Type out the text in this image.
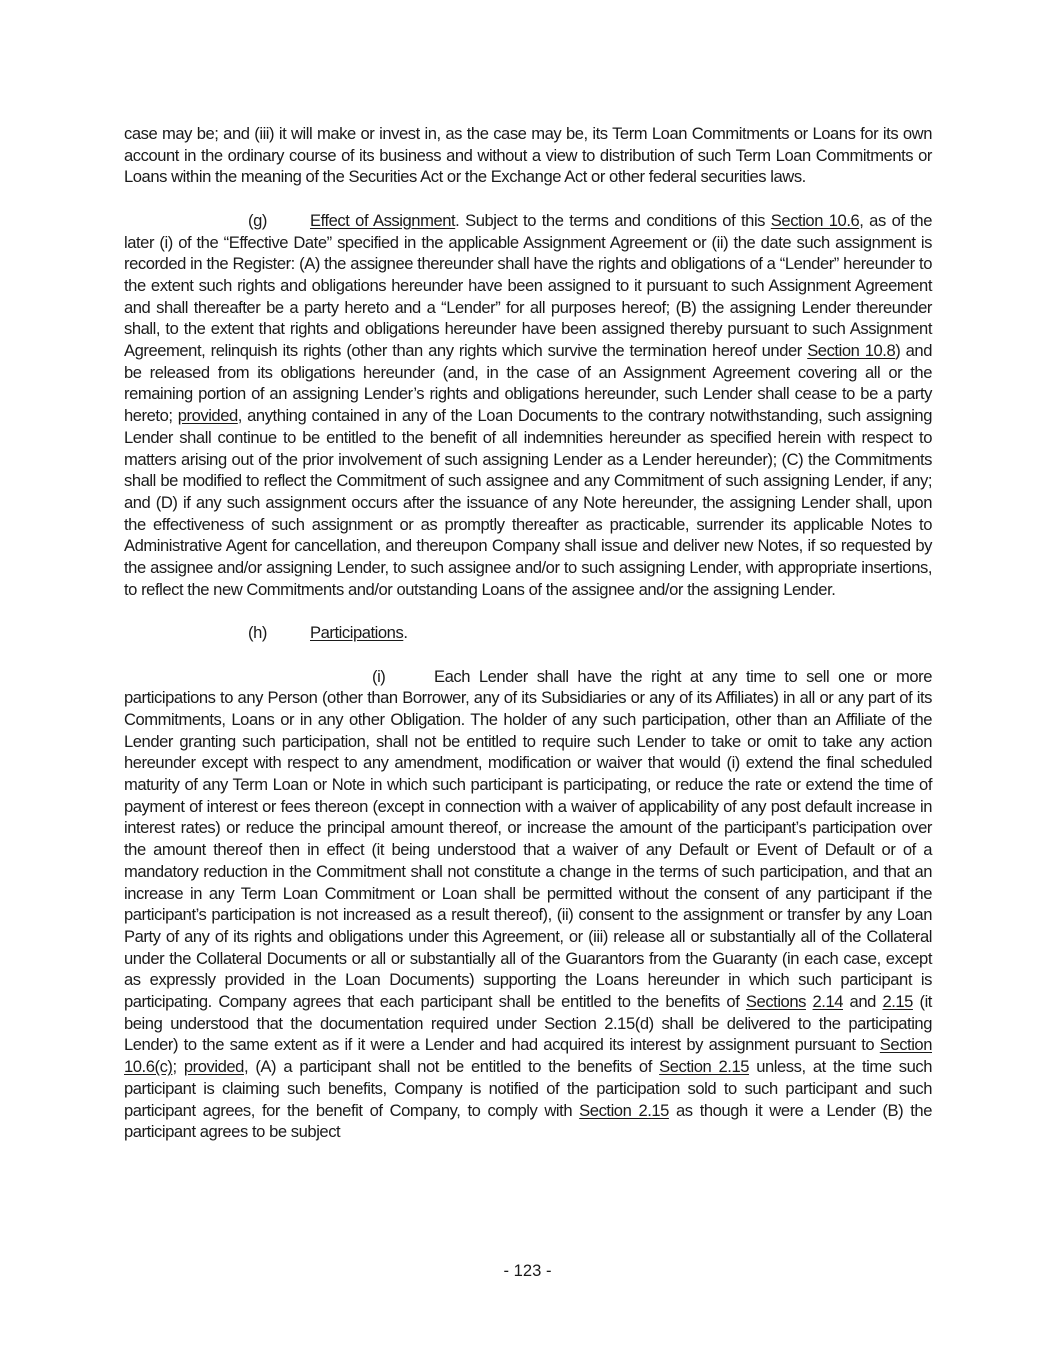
case may be; and (iii) it will make or invest in, as the case may be, its Term Loan Commitments or Loans for its own account in the ordinary course of its business and without a view to distribution of such Term Loan Commitments or Loans within the meaning of the Securities Act or the Exchange Act or other federal securities laws.

(g)	Effect of Assignment. Subject to the terms and conditions of this Section 10.6, as of the later (i) of the “Effective Date” specified in the applicable Assignment Agreement or (ii) the date such assignment is recorded in the Register: (A) the assignee thereunder shall have the rights and obligations of a “Lender” hereunder to the extent such rights and obligations hereunder have been assigned to it pursuant to such Assignment Agreement and shall thereafter be a party hereto and a “Lender” for all purposes hereof; (B) the assigning Lender thereunder shall, to the extent that rights and obligations hereunder have been assigned thereby pursuant to such Assignment Agreement, relinquish its rights (other than any rights which survive the termination hereof under Section 10.8) and be released from its obligations hereunder (and, in the case of an Assignment Agreement covering all or the remaining portion of an assigning Lender’s rights and obligations hereunder, such Lender shall cease to be a party hereto; provided, anything contained in any of the Loan Documents to the contrary notwithstanding, such assigning Lender shall continue to be entitled to the benefit of all indemnities hereunder as specified herein with respect to matters arising out of the prior involvement of such assigning Lender as a Lender hereunder); (C) the Commitments shall be modified to reflect the Commitment of such assignee and any Commitment of such assigning Lender, if any; and (D) if any such assignment occurs after the issuance of any Note hereunder, the assigning Lender shall, upon the effectiveness of such assignment or as promptly thereafter as practicable, surrender its applicable Notes to Administrative Agent for cancellation, and thereupon Company shall issue and deliver new Notes, if so requested by the assignee and/or assigning Lender, to such assignee and/or to such assigning Lender, with appropriate insertions, to reflect the new Commitments and/or outstanding Loans of the assignee and/or the assigning Lender.

(h)	Participations.

(i)	Each Lender shall have the right at any time to sell one or more participations to any Person (other than Borrower, any of its Subsidiaries or any of its Affiliates) in all or any part of its Commitments, Loans or in any other Obligation. The holder of any such participation, other than an Affiliate of the Lender granting such participation, shall not be entitled to require such Lender to take or omit to take any action hereunder except with respect to any amendment, modification or waiver that would (i) extend the final scheduled maturity of any Term Loan or Note in which such participant is participating, or reduce the rate or extend the time of payment of interest or fees thereon (except in connection with a waiver of applicability of any post default increase in interest rates) or reduce the principal amount thereof, or increase the amount of the participant’s participation over the amount thereof then in effect (it being understood that a waiver of any Default or Event of Default or of a mandatory reduction in the Commitment shall not constitute a change in the terms of such participation, and that an increase in any Term Loan Commitment or Loan shall be permitted without the consent of any participant if the participant’s participation is not increased as a result thereof), (ii) consent to the assignment or transfer by any Loan Party of any of its rights and obligations under this Agreement, or (iii) release all or substantially all of the Collateral under the Collateral Documents or all or substantially all of the Guarantors from the Guaranty (in each case, except as expressly provided in the Loan Documents) supporting the Loans hereunder in which such participant is participating. Company agrees that each participant shall be entitled to the benefits of Sections 2.14 and 2.15 (it being understood that the documentation required under Section 2.15(d) shall be delivered to the participating Lender) to the same extent as if it were a Lender and had acquired its interest by assignment pursuant to Section 10.6(c); provided, (A) a participant shall not be entitled to the benefits of Section 2.15 unless, at the time such participant is claiming such benefits, Company is notified of the participation sold to such participant and such participant agrees, for the benefit of Company, to comply with Section 2.15 as though it were a Lender (B) the participant agrees to be subject

- 123 -
